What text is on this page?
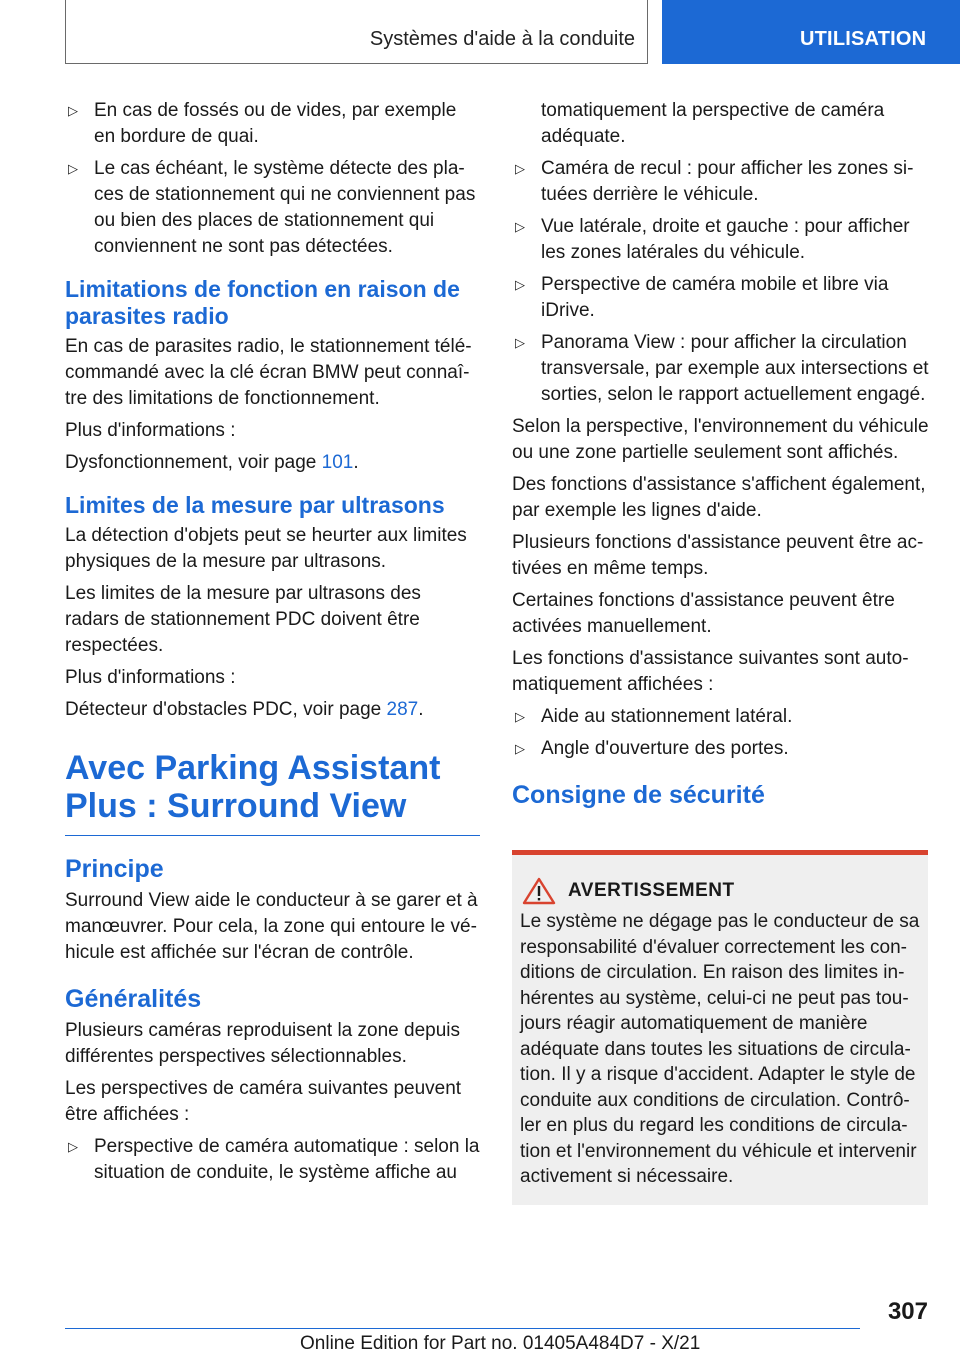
Systèmes d'aide à la conduite	UTILISATION
▷ En cas de fossés ou de vides, par exemple en bordure de quai.
▷ Le cas échéant, le système détecte des places de stationnement qui ne conviennent pas ou bien des places de stationnement qui conviennent ne sont pas détectées.
Limitations de fonction en raison de parasites radio

En cas de parasites radio, le stationnement télécommandé avec la clé écran BMW peut connaître des limitations de fonctionnement.

Plus d'informations :

Dysfonctionnement, voir page 101.

Limites de la mesure par ultrasons

La détection d'objets peut se heurter aux limites physiques de la mesure par ultrasons.

Les limites de la mesure par ultrasons des radars de stationnement PDC doivent être respectées.

Plus d'informations :

Détecteur d'obstacles PDC, voir page 287.

Avec Parking Assistant Plus : Surround View
Principe

Surround View aide le conducteur à se garer et à manœuvrer. Pour cela, la zone qui entoure le véhicule est affichée sur l'écran de contrôle.

Généralités

Plusieurs caméras reproduisent la zone depuis différentes perspectives sélectionnables.

Les perspectives de caméra suivantes peuvent être affichées :

▷ Perspective de caméra automatique : selon la situation de conduite, le système affiche au
tomatiquement la perspective de caméra adéquate.
▷ Caméra de recul : pour afficher les zones situées derrière le véhicule.
▷ Vue latérale, droite et gauche : pour afficher les zones latérales du véhicule.
▷ Perspective de caméra mobile et libre via iDrive.
▷ Panorama View : pour afficher la circulation transversale, par exemple aux intersections et sorties, selon le rapport actuellement engagé.

Selon la perspective, l'environnement du véhicule ou une zone partielle seulement sont affichés.

Des fonctions d'assistance s'affichent également, par exemple les lignes d'aide.

Plusieurs fonctions d'assistance peuvent être activées en même temps.

Certaines fonctions d'assistance peuvent être activées manuellement.

Les fonctions d'assistance suivantes sont automatiquement affichées :

▷ Aide au stationnement latéral.
▷ Angle d'ouverture des portes.
Consigne de sécurité
AVERTISSEMENT
Le système ne dégage pas le conducteur de sa responsabilité d'évaluer correctement les conditions de circulation. En raison des limites inhérentes au système, celui-ci ne peut pas toujours réagir automatiquement de manière adéquate dans toutes les situations de circulation. Il y a risque d'accident. Adapter le style de conduite aux conditions de circulation. Contrôler en plus du regard les conditions de circulation et l'environnement du véhicule et intervenir activement si nécessaire.
307
Online Edition for Part no. 01405A484D7 - X/21
